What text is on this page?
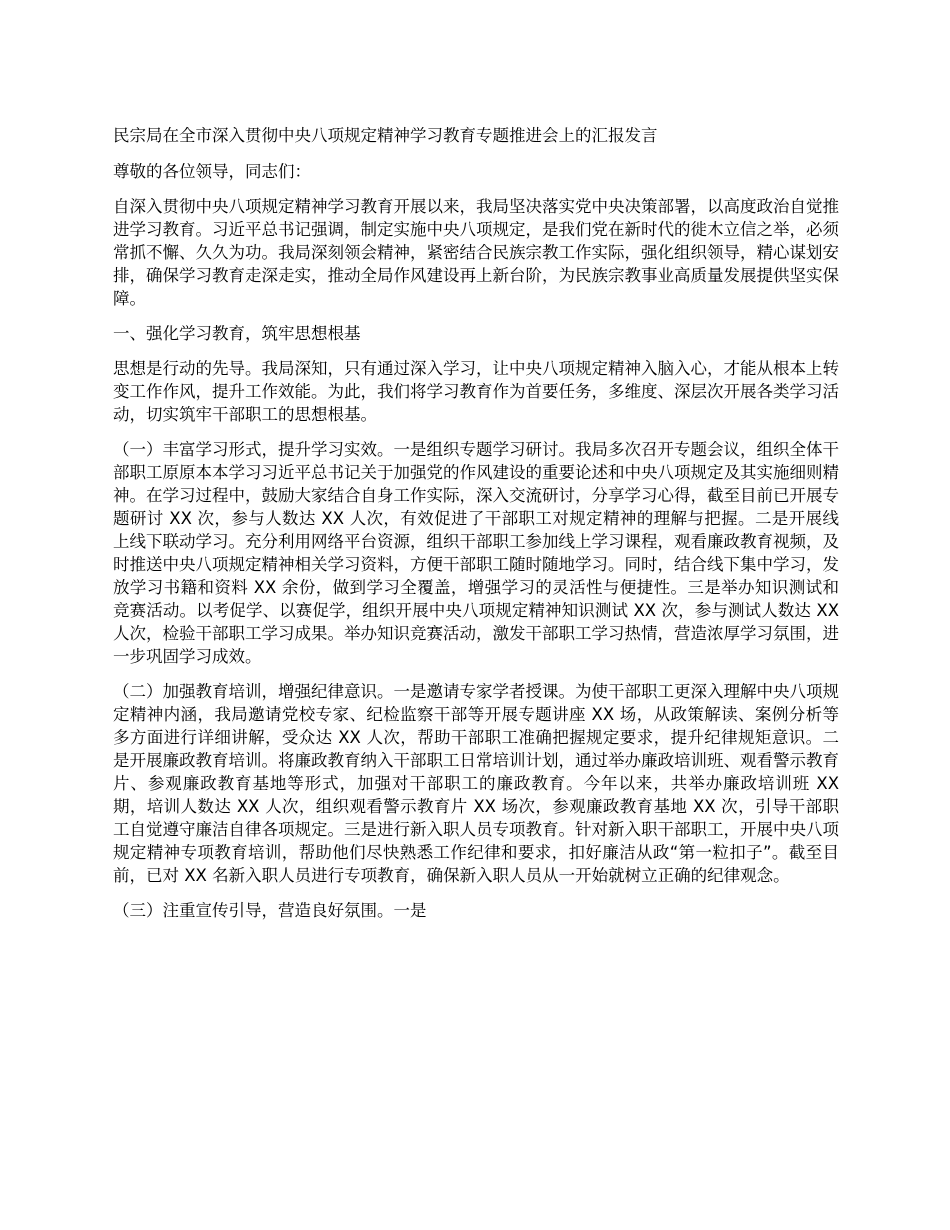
民宗局在全市深入贯彻中央八项规定精神学习教育专题推进会上的汇报发言

尊敬的各位领导，同志们：

自深入贯彻中央八项规定精神学习教育开展以来，我局坚决落实党中央决策部署，以高度政治自觉推进学习教育。习近平总书记强调，制定实施中央八项规定，是我们党在新时代的徙木立信之举，必须常抓不懈、久久为功。我局深刻领会精神，紧密结合民族宗教工作实际，强化组织领导，精心谋划安排，确保学习教育走深走实，推动全局作风建设再上新台阶，为民族宗教事业高质量发展提供坚实保障。

一、强化学习教育，筑牢思想根基

思想是行动的先导。我局深知，只有通过深入学习，让中央八项规定精神入脑入心，才能从根本上转变工作作风，提升工作效能。为此，我们将学习教育作为首要任务，多维度、深层次开展各类学习活动，切实筑牢干部职工的思想根基。

（一）丰富学习形式，提升学习实效。一是组织专题学习研讨。我局多次召开专题会议，组织全体干部职工原原本本学习习近平总书记关于加强党的作风建设的重要论述和中央八项规定及其实施细则精神。在学习过程中，鼓励大家结合自身工作实际，深入交流研讨，分享学习心得，截至目前已开展专题研讨 XX 次，参与人数达 XX 人次，有效促进了干部职工对规定精神的理解与把握。二是开展线上线下联动学习。充分利用网络平台资源，组织干部职工参加线上学习课程，观看廉政教育视频，及时推送中央八项规定精神相关学习资料，方便干部职工随时随地学习。同时，结合线下集中学习，发放学习书籍和资料 XX 余份，做到学习全覆盖，增强学习的灵活性与便捷性。三是举办知识测试和竞赛活动。以考促学、以赛促学，组织开展中央八项规定精神知识测试 XX 次，参与测试人数达 XX 人次，检验干部职工学习成果。举办知识竞赛活动，激发干部职工学习热情，营造浓厚学习氛围，进一步巩固学习成效。

（二）加强教育培训，增强纪律意识。一是邀请专家学者授课。为使干部职工更深入理解中央八项规定精神内涵，我局邀请党校专家、纪检监察干部等开展专题讲座 XX 场，从政策解读、案例分析等多方面进行详细讲解，受众达 XX 人次，帮助干部职工准确把握规定要求，提升纪律规矩意识。二是开展廉政教育培训。将廉政教育纳入干部职工日常培训计划，通过举办廉政培训班、观看警示教育片、参观廉政教育基地等形式，加强对干部职工的廉政教育。今年以来，共举办廉政培训班 XX 期，培训人数达 XX 人次，组织观看警示教育片 XX 场次，参观廉政教育基地 XX 次，引导干部职工自觉遵守廉洁自律各项规定。三是进行新入职人员专项教育。针对新入职干部职工，开展中央八项规定精神专项教育培训，帮助他们尽快熟悉工作纪律和要求，扣好廉洁从政“第一粒扣子”。截至目前，已对 XX 名新入职人员进行专项教育，确保新入职人员从一开始就树立正确的纪律观念。

（三）注重宣传引导，营造良好氛围。一是
